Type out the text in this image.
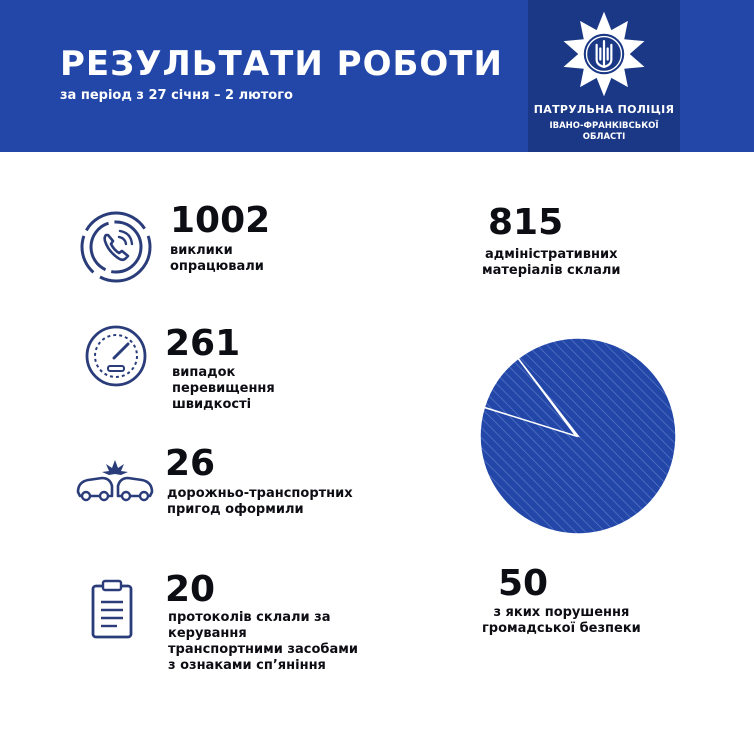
РЕЗУЛЬТАТИ РОБОТИ
за період з 27 січня – 2 лютого
ПАТРУЛЬНА ПОЛІЦІЯ
ІВАНО-ФРАНКІВСЬКОЇ
ОБЛАСТІ
1002
виклики
опрацювали
261
випадок
перевищення
швидкості
26
дорожньо-транспортних
пригод оформили
20
протоколів склали за
керування
транспортними засобами
з ознаками сп’яніння
815
адміністративних
матеріалів склали
50
з яких порушення
громадської безпеки
